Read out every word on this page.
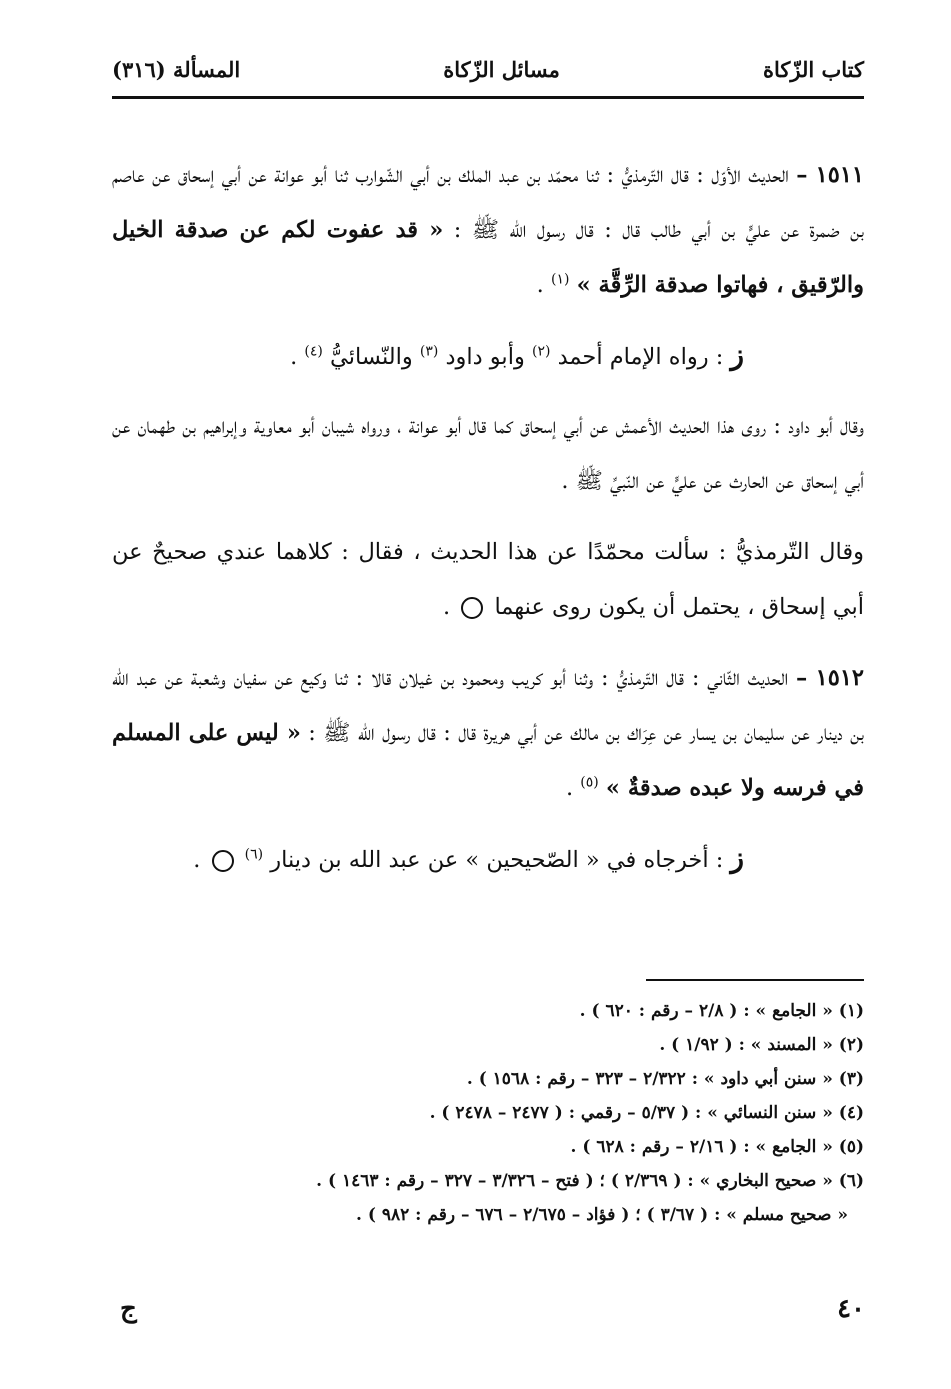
كتاب الزّكاة
مسائل الزّكاة
المسألة (٣١٦)

١٥١١ – الحديث الأوّل : قال التّرمذيُّ : ثنا محمّد بن عبد الملك بن أبي الشّوارب ثنا أبو عوانة عن أبي إسحاق عن عاصم بن ضمرة عن عليٍّ بن أبي طالب قال : قال رسول الله ﷺ : « قد عفوت لكم عن صدقة الخيل والرّقيق ، فهاتوا صدقة الرِّقَّة » $^{(١)}$ .

ز : رواه الإمام أحمد $^{(٢)}$ وأبو داود $^{(٣)}$ والنّسائيُّ $^{(٤)}$ .

وقال أبو داود : روى هذا الحديث الأعمش عن أبي إسحاق كما قال أبو عوانة ، ورواه شيبان أبو معاوية وإبراهيم بن طهمان عن أبي إسحاق عن الحارث عن عليٍّ عن النّبيِّ ﷺ .

وقال التّرمذيُّ : سألت محمّدًا عن هذا الحديث ، فقال : كلاهما عندي صحيحٌ عن أبي إسحاق ، يحتمل أن يكون روى عنهما  .

١٥١٢ – الحديث الثّاني : قال التّرمذيُّ : وثنا أبو كريب ومحمود بن غيلان قالا : ثنا وكيع عن سفيان وشعبة عن عبد الله بن دينار عن سليمان بن يسار عن عِرَاك بن مالك عن أبي هريرة قال : قال رسول الله ﷺ : « ليس على المسلم في فرسه ولا عبده صدقةٌ » $^{(٥)}$ .

ز : أخرجاه في « الصّحيحين » عن عبد الله بن دينار $^{(٦)}$  .

(١) « الجامع » : ( ٢/٨ – رقم : ٦٢٠ ) .
(٢) « المسند » : ( ١/٩٢ ) .
(٣) « سنن أبي داود » : ٢/٣٢٢ – ٣٢٣ – رقم : ١٥٦٨ ) .
(٤) « سنن النسائي » : ( ٥/٣٧ – رقمي : ( ٢٤٧٧ – ٢٤٧٨ ) .
(٥) « الجامع » : ( ٢/١٦ – رقم : ٦٢٨ ) .
(٦) « صحيح البخاري » : ( ٢/٣٦٩ ) ؛ ( فتح – ٣/٣٢٦ – ٣٢٧ – رقم : ١٤٦٣ ) .
« صحيح مسلم » : ( ٣/٦٧ ) ؛ ( فؤاد – ٢/٦٧٥ – ٦٧٦ – رقم : ٩٨٢ ) .
٤٠
ج
